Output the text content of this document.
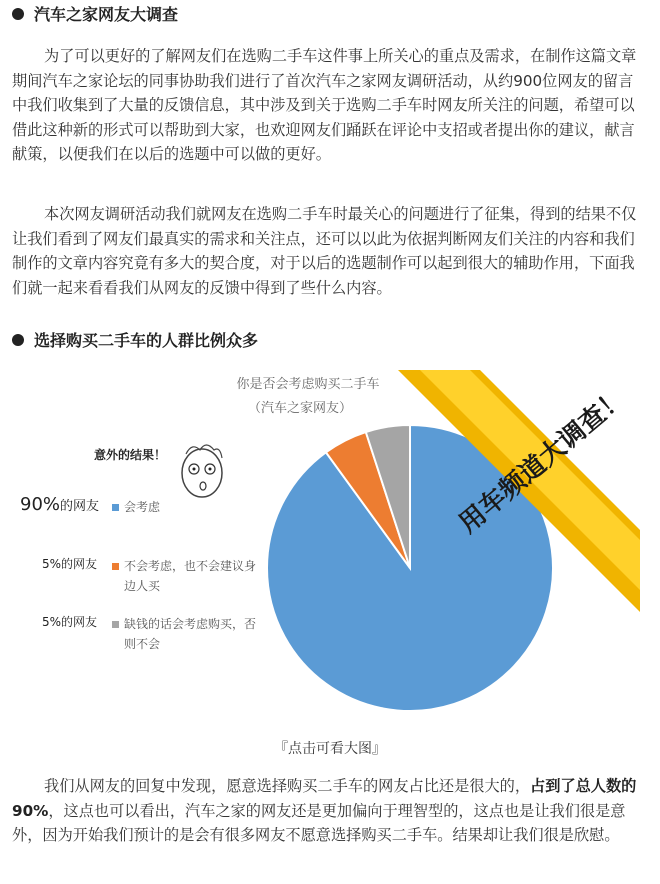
汽车之家网友大调查

为了可以更好的了解网友们在选购二手车这件事上所关心的重点及需求，在制作这篇文章期间汽车之家论坛的同事协助我们进行了首次汽车之家网友调研活动，从约900位网友的留言中我们收集到了大量的反馈信息，其中涉及到关于选购二手车时网友所关注的问题，希望可以借此这种新的形式可以帮助到大家，也欢迎网友们踊跃在评论中支招或者提出你的建议，献言献策，以便我们在以后的选题中可以做的更好。

本次网友调研活动我们就网友在选购二手车时最关心的问题进行了征集，得到的结果不仅让我们看到了网友们最真实的需求和关注点，还可以以此为依据判断网友们关注的内容和我们制作的文章内容究竟有多大的契合度，对于以后的选题制作可以起到很大的辅助作用，下面我们就一起来看看我们从网友的反馈中得到了些什么内容。

选择购买二手车的人群比例众多
你是否会考虑购买二手车
（汽车之家网友）	用车频道大调查！
意外的结果！
90%的网友 会考虑
5%的网友 不会考虑，也不会建议身边人买
5%的网友 缺钱的话会考虑购买，否则不会
『点击可看大图』

我们从网友的回复中发现，愿意选择购买二手车的网友占比还是很大的，占到了总人数的90%，这点也可以看出，汽车之家的网友还是更加偏向于理智型的，这点也是让我们很是意外，因为开始我们预计的是会有很多网友不愿意选择购买二手车。结果却让我们很是欣慰。
